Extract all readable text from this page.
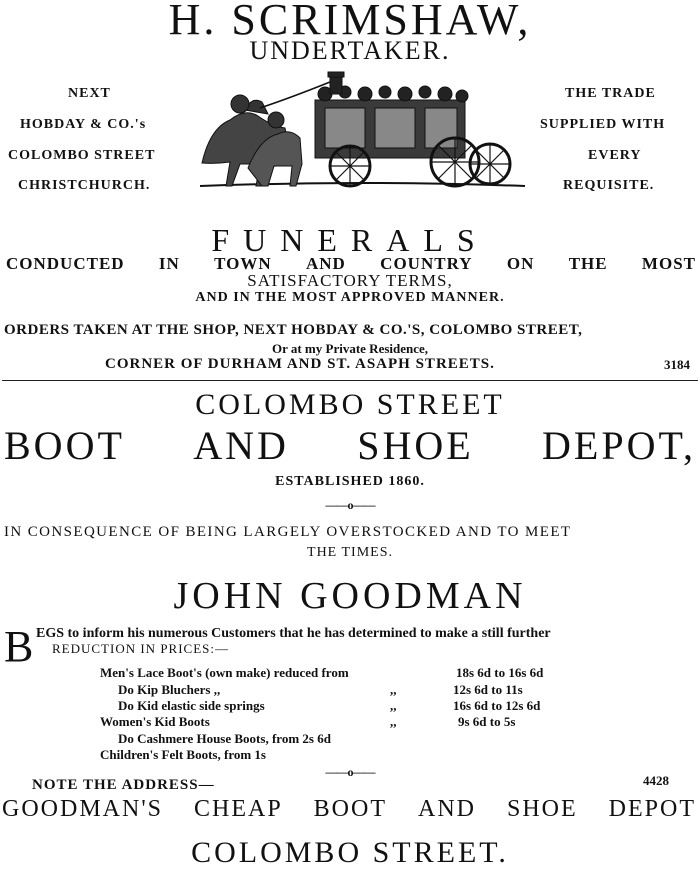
H. SCRIMSHAW,
UNDERTAKER.
NEXT
HOBDAY & CO.'s
COLOMBO STREET
CHRISTCHURCH.
THE TRADE
SUPPLIED WITH
EVERY
REQUISITE.
FUNERALS
CONDUCTED IN TOWN AND COUNTRY ON THE MOST
SATISFACTORY TERMS,
AND IN THE MOST APPROVED MANNER.
ORDERS TAKEN AT THE SHOP, NEXT HOBDAY & CO.'S, COLOMBO STREET,
Or at my Private Residence,
CORNER OF DURHAM AND ST. ASAPH STREETS.	3184
COLOMBO STREET
BOOT AND SHOE DEPOT,
ESTABLISHED 1860.
——o——
IN CONSEQUENCE OF BEING LARGELY OVERSTOCKED AND TO MEET
THE TIMES.
JOHN GOODMAN
B EGS to inform his numerous Customers that he has determined to make a still further
REDUCTION IN PRICES:—
Men's Lace Boot's (own make) reduced from	18s 6d to 16s 6d
Do Kip Bluchers ,,	,,	12s 6d to 11s
Do Kid elastic side springs	,,	16s 6d to 12s 6d
Women's Kid Boots	,,	9s 6d to 5s
Do Cashmere House Boots, from 2s 6d
Children's Felt Boots, from 1s
——o——
NOTE THE ADDRESS—	4428
GOODMAN'S CHEAP BOOT AND SHOE DEPOT
COLOMBO STREET.
